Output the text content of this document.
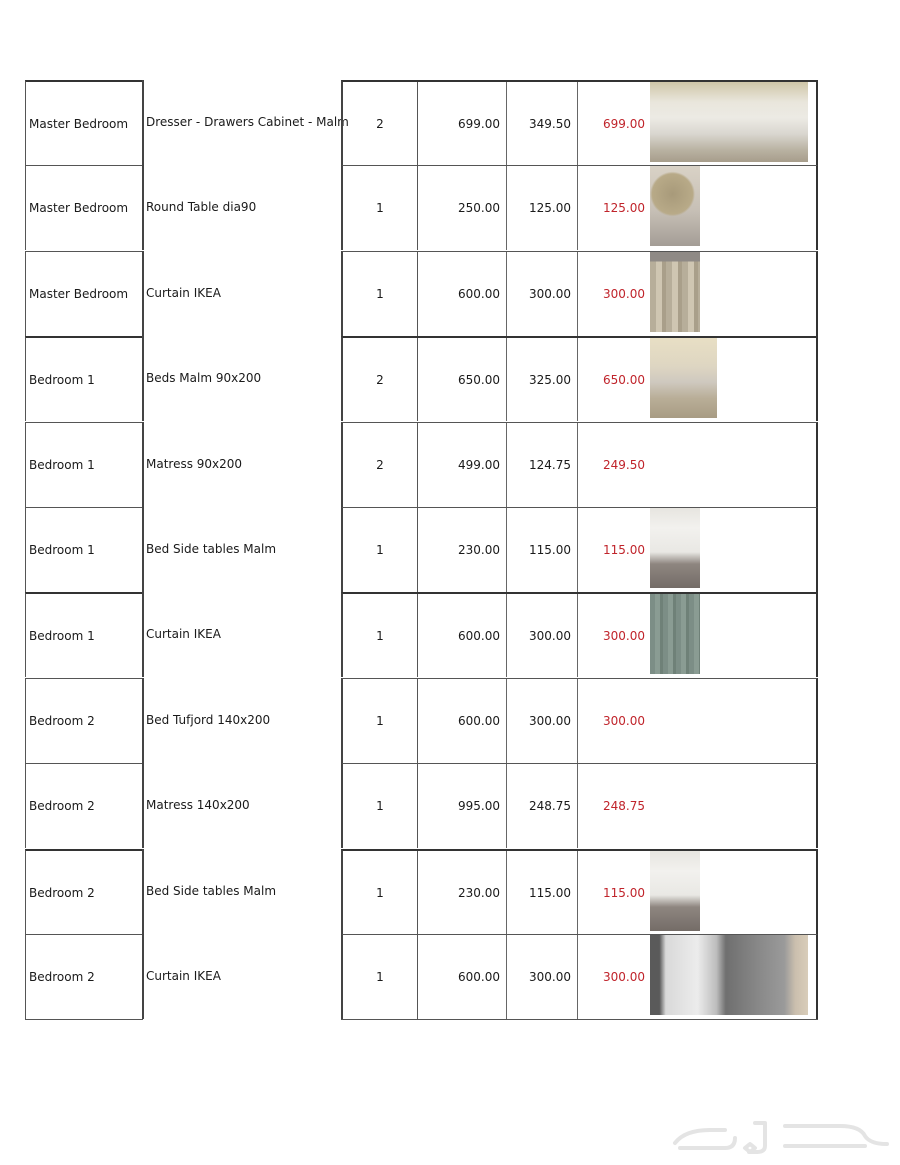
Master Bedroom	Dresser - Drawers Cabinet - Malm	2	699.00	349.50	699.00
Master Bedroom	Round Table dia90	1	250.00	125.00	125.00
Master Bedroom	Curtain IKEA	1	600.00	300.00	300.00
Bedroom 1	Beds Malm 90x200	2	650.00	325.00	650.00
Bedroom 1	Matress 90x200	2	499.00	124.75	249.50
Bedroom 1	Bed Side tables Malm	1	230.00	115.00	115.00
Bedroom 1	Curtain IKEA	1	600.00	300.00	300.00
Bedroom 2	Bed Tufjord 140x200	1	600.00	300.00	300.00
Bedroom 2	Matress 140x200	1	995.00	248.75	248.75
Bedroom 2	Bed Side tables Malm	1	230.00	115.00	115.00
Bedroom 2	Curtain IKEA	1	600.00	300.00	300.00
